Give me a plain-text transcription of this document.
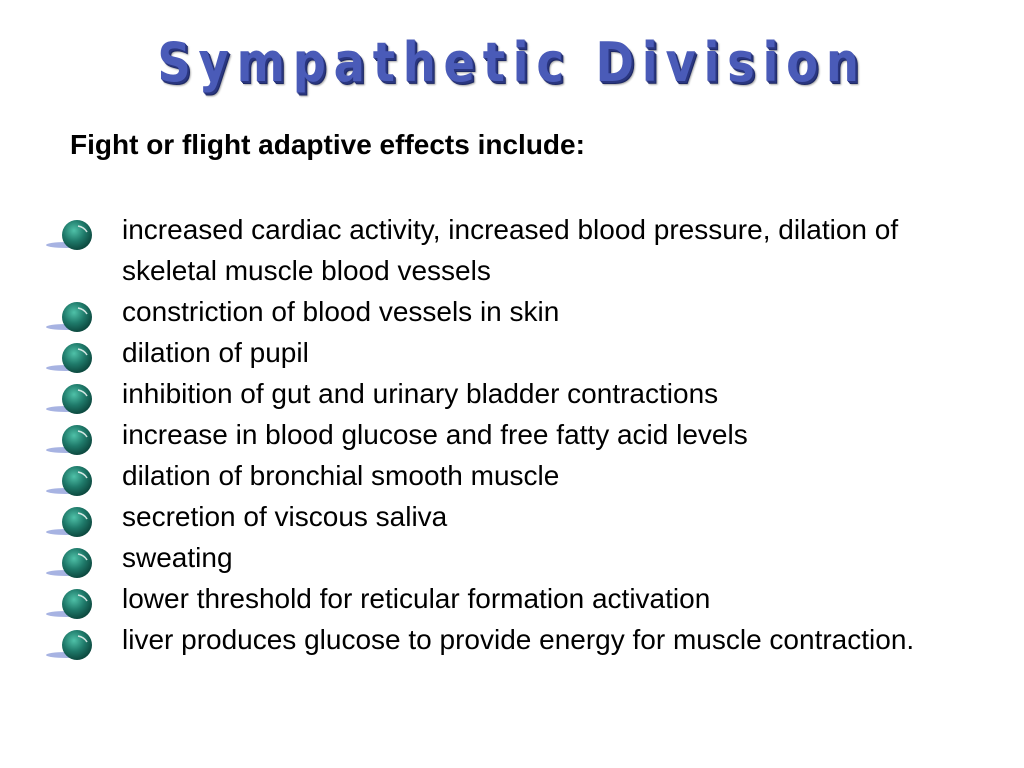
Sympathetic Division
Fight or flight adaptive effects include:
increased cardiac activity, increased blood pressure, dilation of skeletal muscle blood vessels
constriction of blood vessels in skin
dilation of pupil
inhibition of gut and urinary bladder contractions
increase in blood glucose and free fatty acid levels
dilation of bronchial smooth muscle
secretion of viscous saliva
sweating
lower threshold for reticular formation activation
liver produces glucose to provide energy for muscle contraction.
